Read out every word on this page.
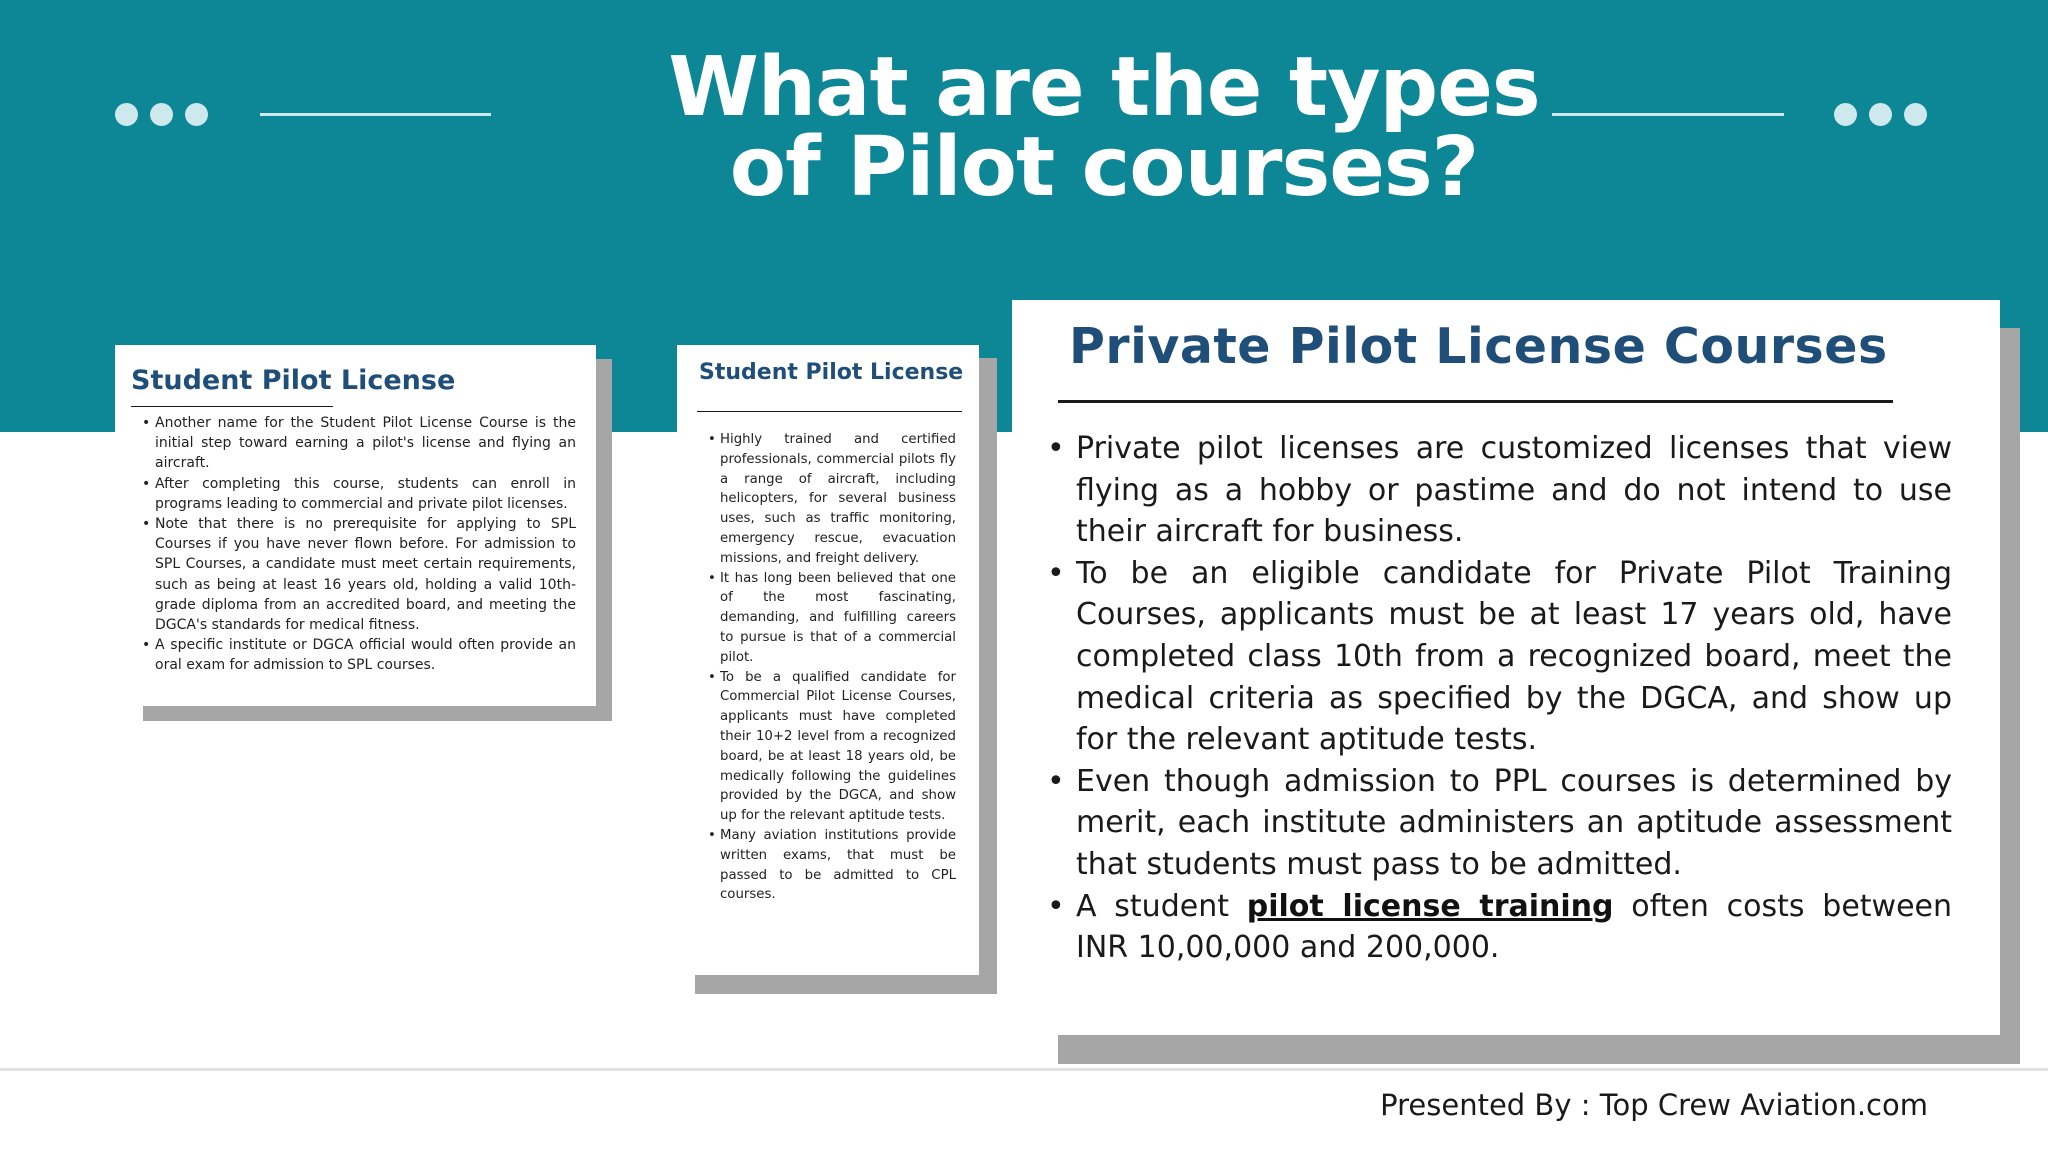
What are the types
of Pilot courses?
Student Pilot License
• Another name for the Student Pilot License Course is the initial step toward earning a pilot's license and flying an aircraft.
• After completing this course, students can enroll in programs leading to commercial and private pilot licenses.
• Note that there is no prerequisite for applying to SPL Courses if you have never flown before. For admission to SPL Courses, a candidate must meet certain requirements, such as being at least 16 years old, holding a valid 10th-grade diploma from an accredited board, and meeting the DGCA's standards for medical fitness.
• A specific institute or DGCA official would often provide an oral exam for admission to SPL courses.
Student Pilot License
• Highly trained and certified professionals, commercial pilots fly a range of aircraft, including helicopters, for several business uses, such as traffic monitoring, emergency rescue, evacuation missions, and freight delivery.
• It has long been believed that one of the most fascinating, demanding, and fulfilling careers to pursue is that of a commercial pilot.
• To be a qualified candidate for Commercial Pilot License Courses, applicants must have completed their 10+2 level from a recognized board, be at least 18 years old, be medically following the guidelines provided by the DGCA, and show up for the relevant aptitude tests.
• Many aviation institutions provide written exams, that must be passed to be admitted to CPL courses.
Private Pilot License Courses
• Private pilot licenses are customized licenses that view flying as a hobby or pastime and do not intend to use their aircraft for business.
• To be an eligible candidate for Private Pilot Training Courses, applicants must be at least 17 years old, have completed class 10th from a recognized board, meet the medical criteria as specified by the DGCA, and show up for the relevant aptitude tests.
• Even though admission to PPL courses is determined by merit, each institute administers an aptitude assessment that students must pass to be admitted.
• A student pilot license training often costs between INR 10,00,000 and 200,000.
Presented By : Top Crew Aviation.com
